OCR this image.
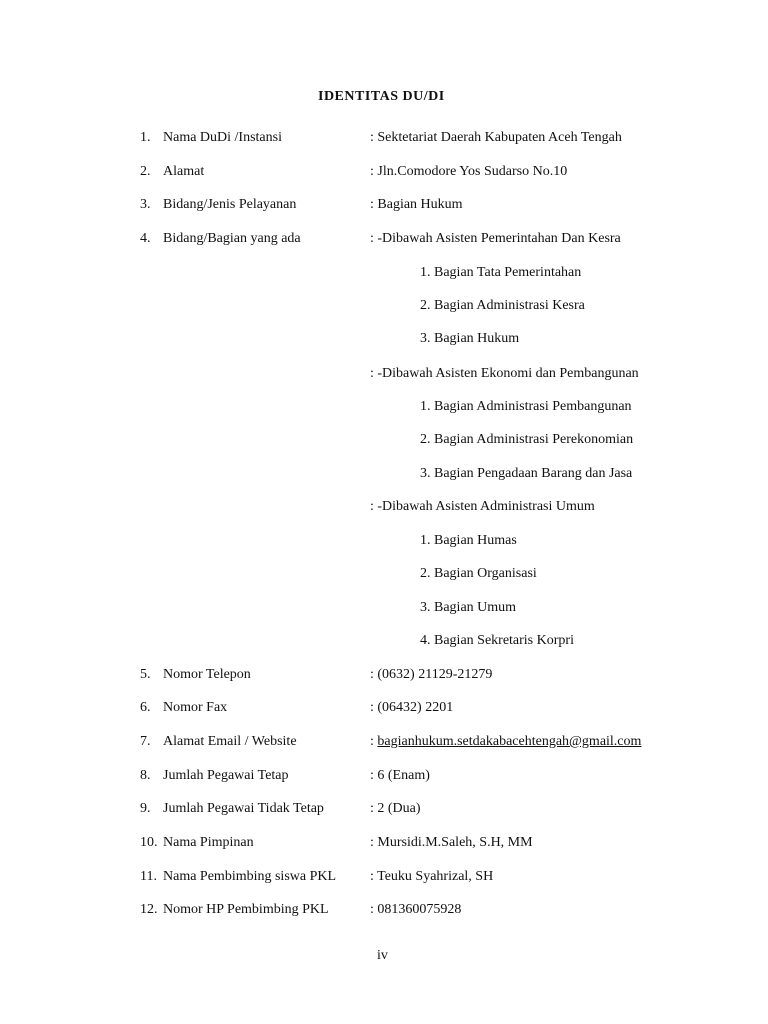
IDENTITAS DU/DI
1. Nama DuDi /Instansi	: Sektetariat Daerah Kabupaten Aceh Tengah
2. Alamat	: Jln.Comodore Yos Sudarso No.10
3. Bidang/Jenis Pelayanan	: Bagian Hukum
4. Bidang/Bagian yang ada	: -Dibawah Asisten Pemerintahan Dan Kesra
1. Bagian Tata Pemerintahan
2. Bagian Administrasi Kesra
3. Bagian Hukum
: -Dibawah Asisten Ekonomi dan Pembangunan
1. Bagian Administrasi Pembangunan
2. Bagian Administrasi Perekonomian
3. Bagian Pengadaan Barang dan Jasa
: -Dibawah Asisten Administrasi Umum
1. Bagian Humas
2. Bagian Organisasi
3. Bagian Umum
4. Bagian Sekretaris Korpri
5. Nomor Telepon	: (0632) 21129-21279
6. Nomor Fax	: (06432) 2201
7. Alamat Email / Website	: bagianhukum.setdakabacehtengah@gmail.com
8. Jumlah Pegawai Tetap	: 6 (Enam)
9. Jumlah Pegawai Tidak Tetap	: 2 (Dua)
10. Nama Pimpinan	: Mursidi.M.Saleh, S.H, MM
11. Nama Pembimbing siswa PKL : Teuku Syahrizal, SH
12. Nomor HP Pembimbing PKL	: 081360075928
iv
